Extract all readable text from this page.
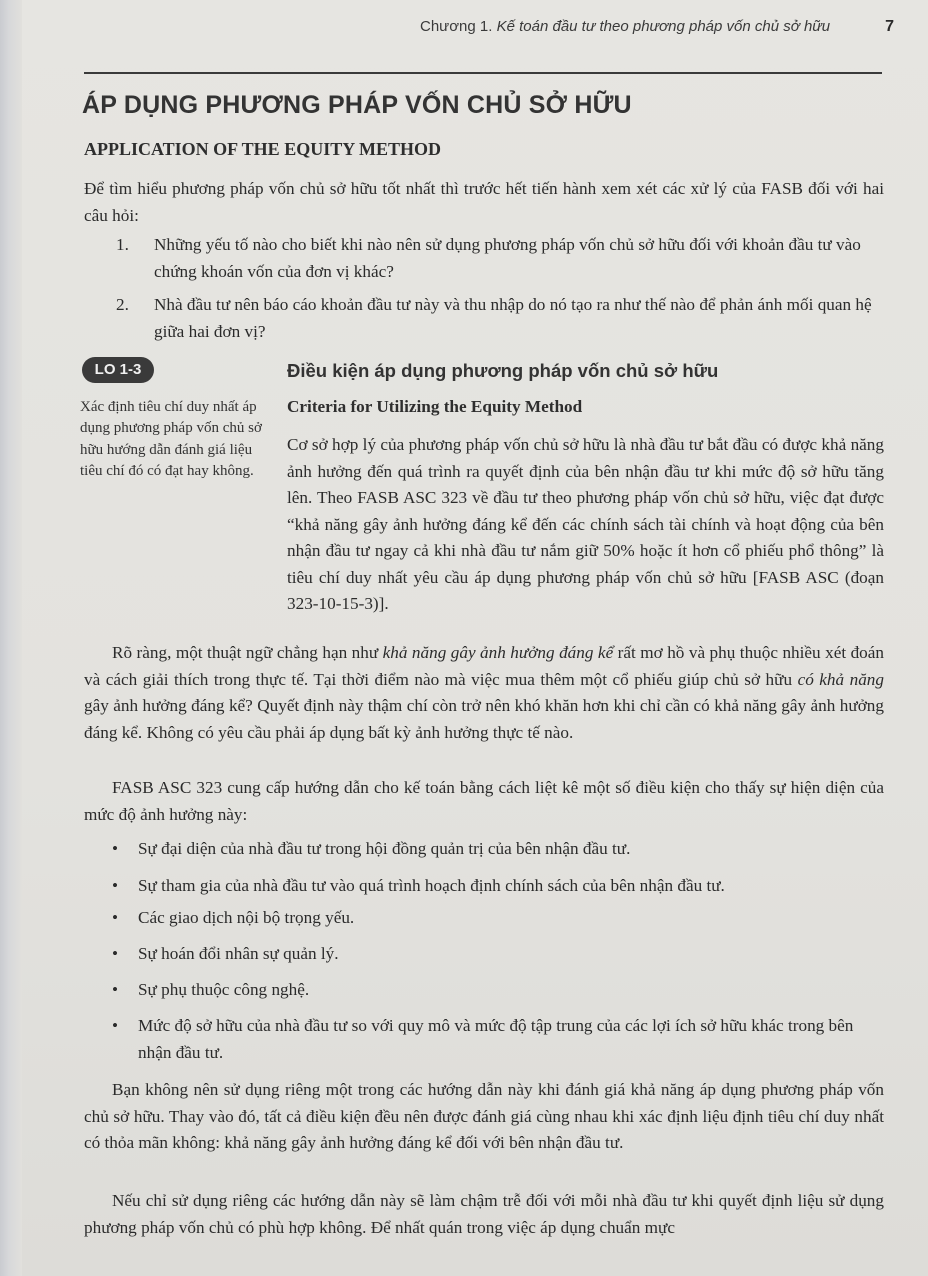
Chương 1. Kế toán đầu tư theo phương pháp vốn chủ sở hữu	7
ÁP DỤNG PHƯƠNG PHÁP VỐN CHỦ SỞ HỮU
APPLICATION OF THE EQUITY METHOD
Để tìm hiểu phương pháp vốn chủ sở hữu tốt nhất thì trước hết tiến hành xem xét các xử lý của FASB đối với hai câu hỏi:
1. Những yếu tố nào cho biết khi nào nên sử dụng phương pháp vốn chủ sở hữu đối với khoản đầu tư vào chứng khoán vốn của đơn vị khác?
2. Nhà đầu tư nên báo cáo khoản đầu tư này và thu nhập do nó tạo ra như thế nào để phản ánh mối quan hệ giữa hai đơn vị?
LO 1-3	Điều kiện áp dụng phương pháp vốn chủ sở hữu
Xác định tiêu chí duy nhất áp dụng phương pháp vốn chủ sở hữu hướng dẫn đánh giá liệu tiêu chí đó có đạt hay không.
Criteria for Utilizing the Equity Method
Cơ sở hợp lý của phương pháp vốn chủ sở hữu là nhà đầu tư bắt đầu có được khả năng ảnh hưởng đến quá trình ra quyết định của bên nhận đầu tư khi mức độ sở hữu tăng lên. Theo FASB ASC 323 về đầu tư theo phương pháp vốn chủ sở hữu, việc đạt được “khả năng gây ảnh hưởng đáng kể đến các chính sách tài chính và hoạt động của bên nhận đầu tư ngay cả khi nhà đầu tư nắm giữ 50% hoặc ít hơn cổ phiếu phổ thông” là tiêu chí duy nhất yêu cầu áp dụng phương pháp vốn chủ sở hữu [FASB ASC (đoạn 323-10-15-3)].
Rõ ràng, một thuật ngữ chẳng hạn như khả năng gây ảnh hưởng đáng kể rất mơ hồ và phụ thuộc nhiều xét đoán và cách giải thích trong thực tế. Tại thời điểm nào mà việc mua thêm một cổ phiếu giúp chủ sở hữu có khả năng gây ảnh hưởng đáng kể? Quyết định này thậm chí còn trở nên khó khăn hơn khi chỉ cần có khả năng gây ảnh hưởng đáng kể. Không có yêu cầu phải áp dụng bất kỳ ảnh hưởng thực tế nào.
FASB ASC 323 cung cấp hướng dẫn cho kế toán bằng cách liệt kê một số điều kiện cho thấy sự hiện diện của mức độ ảnh hưởng này:
• Sự đại diện của nhà đầu tư trong hội đồng quản trị của bên nhận đầu tư.
• Sự tham gia của nhà đầu tư vào quá trình hoạch định chính sách của bên nhận đầu tư.
• Các giao dịch nội bộ trọng yếu.
• Sự hoán đổi nhân sự quản lý.
• Sự phụ thuộc công nghệ.
• Mức độ sở hữu của nhà đầu tư so với quy mô và mức độ tập trung của các lợi ích sở hữu khác trong bên nhận đầu tư.
Bạn không nên sử dụng riêng một trong các hướng dẫn này khi đánh giá khả năng áp dụng phương pháp vốn chủ sở hữu. Thay vào đó, tất cả điều kiện đều nên được đánh giá cùng nhau khi xác định liệu định tiêu chí duy nhất có thỏa mãn không: khả năng gây ảnh hưởng đáng kể đối với bên nhận đầu tư.
Nếu chỉ sử dụng riêng các hướng dẫn này sẽ làm chậm trễ đối với mỗi nhà đầu tư khi quyết định liệu sử dụng phương pháp vốn chủ có phù hợp không. Để nhất quán trong việc áp dụng chuẩn mực
